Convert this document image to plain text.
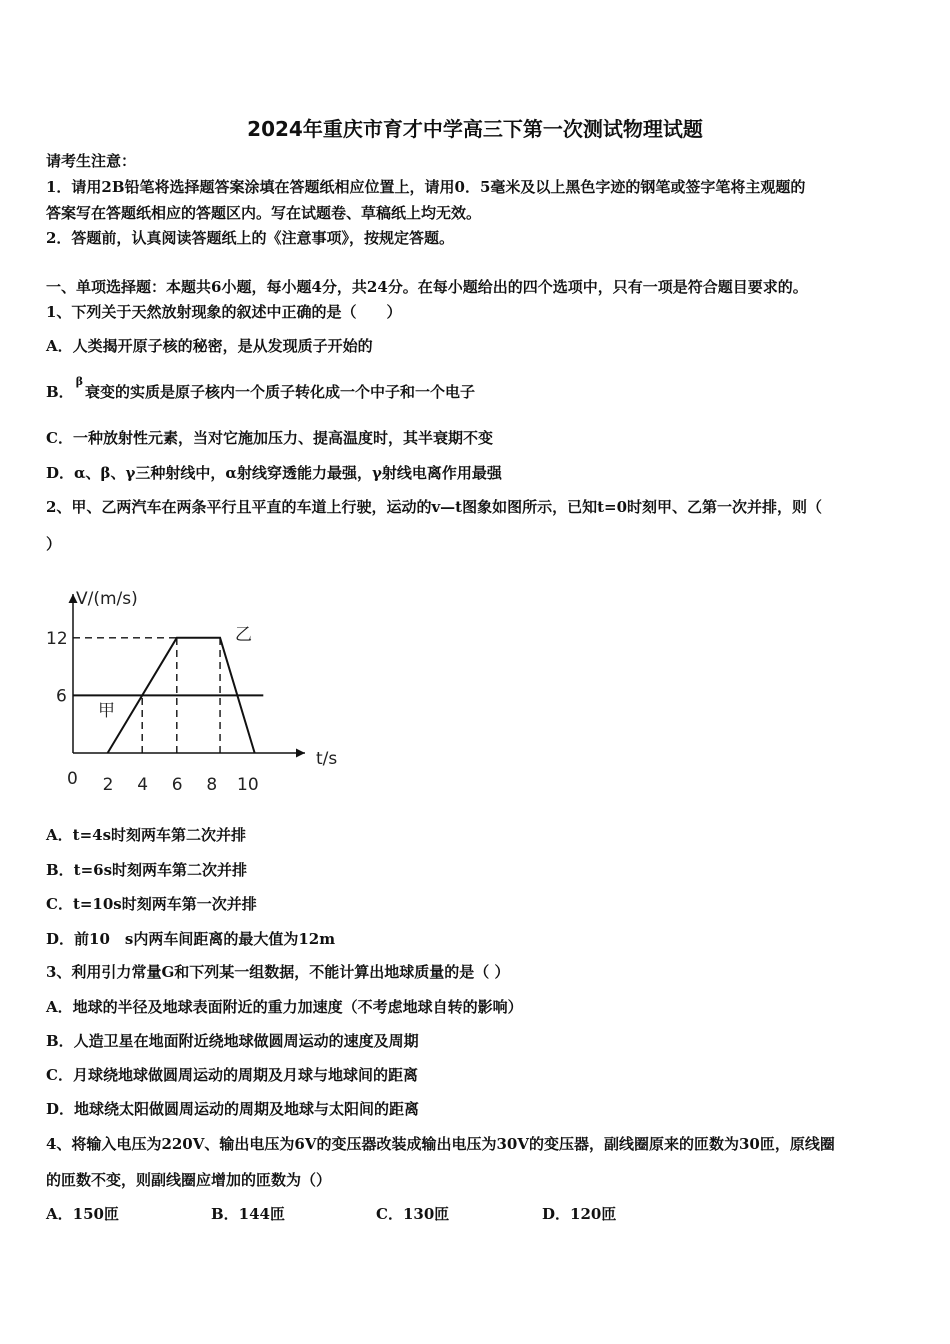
2024年重庆市育才中学高三下第一次测试物理试题
请考生注意：
1．请用2B铅笔将选择题答案涂填在答题纸相应位置上，请用0．5毫米及以上黑色字迹的钢笔或签字笔将主观题的
答案写在答题纸相应的答题区内。写在试题卷、草稿纸上均无效。
2．答题前，认真阅读答题纸上的《注意事项》，按规定答题。
一、单项选择题：本题共6小题，每小题4分，共24分。在每小题给出的四个选项中，只有一项是符合题目要求的。
1、下列关于天然放射现象的叙述中正确的是（　　）
A．人类揭开原子核的秘密，是从发现质子开始的
B．$^\beta$衰变的实质是原子核内一个质子转化成一个中子和一个电子
C．一种放射性元素，当对它施加压力、提高温度时，其半衰期不变
D．α、β、γ三种射线中，α射线穿透能力最强，γ射线电离作用最强
2、甲、乙两汽车在两条平行且平直的车道上行驶，运动的v—t图象如图所示，已知t=0时刻甲、乙第一次并排，则（
）
V/(m/s)
t/s
0 2 4 6 8 10
6
12
甲
乙
A．t=4s时刻两车第二次并排
B．t=6s时刻两车第二次并排
C．t=10s时刻两车第一次并排
D．前10　s内两车间距离的最大值为12m
3、利用引力常量G和下列某一组数据，不能计算出地球质量的是（ ）
A．地球的半径及地球表面附近的重力加速度（不考虑地球自转的影响）
B．人造卫星在地面附近绕地球做圆周运动的速度及周期
C．月球绕地球做圆周运动的周期及月球与地球间的距离
D．地球绕太阳做圆周运动的周期及地球与太阳间的距离
4、将输入电压为220V、输出电压为6V的变压器改装成输出电压为30V的变压器，副线圈原来的匝数为30匝，原线圈
的匝数不变，则副线圈应增加的匝数为（）
A．150匝	B．144匝	C．130匝	D．120匝
